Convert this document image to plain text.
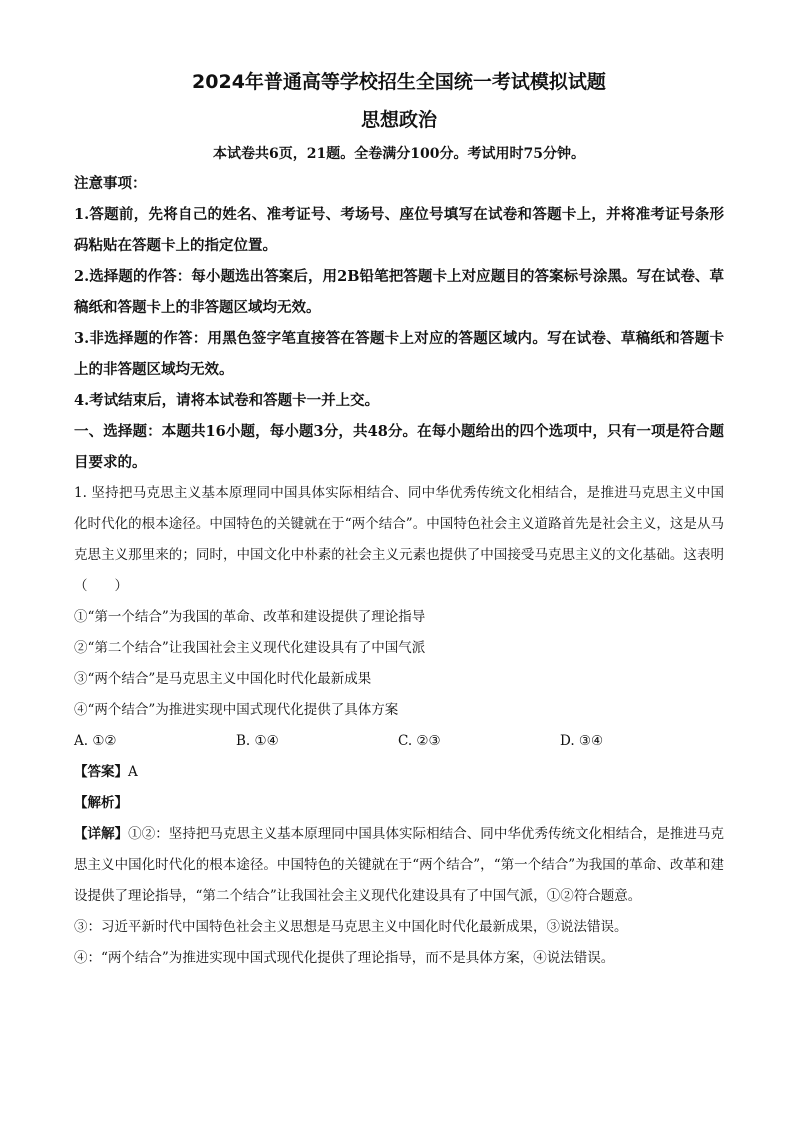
2024年普通高等学校招生全国统一考试模拟试题
思想政治

本试卷共6页，21题。全卷满分100分。考试用时75分钟。

注意事项：

1.答题前，先将自己的姓名、准考证号、考场号、座位号填写在试卷和答题卡上，并将准考证号条形码粘贴在答题卡上的指定位置。

2.选择题的作答：每小题选出答案后，用2B铅笔把答题卡上对应题目的答案标号涂黑。写在试卷、草稿纸和答题卡上的非答题区域均无效。

3.非选择题的作答：用黑色签字笔直接答在答题卡上对应的答题区域内。写在试卷、草稿纸和答题卡上的非答题区域均无效。

4.考试结束后，请将本试卷和答题卡一并上交。

一、选择题：本题共16小题，每小题3分，共48分。在每小题给出的四个选项中，只有一项是符合题目要求的。

1. 坚持把马克思主义基本原理同中国具体实际相结合、同中华优秀传统文化相结合，是推进马克思主义中国化时代化的根本途径。中国特色的关键就在于“两个结合”。中国特色社会主义道路首先是社会主义，这是从马克思主义那里来的；同时，中国文化中朴素的社会主义元素也提供了中国接受马克思主义的文化基础。这表明（　　）

①“第一个结合”为我国的革命、改革和建设提供了理论指导

②“第二个结合”让我国社会主义现代化建设具有了中国气派

③“两个结合”是马克思主义中国化时代化最新成果

④“两个结合”为推进实现中国式现代化提供了具体方案

A. ①②	B. ①④	C. ②③	D. ③④

【答案】A

【解析】

【详解】①②：坚持把马克思主义基本原理同中国具体实际相结合、同中华优秀传统文化相结合，是推进马克思主义中国化时代化的根本途径。中国特色的关键就在于“两个结合”，“第一个结合”为我国的革命、改革和建设提供了理论指导，“第二个结合”让我国社会主义现代化建设具有了中国气派，①②符合题意。

③：习近平新时代中国特色社会主义思想是马克思主义中国化时代化最新成果，③说法错误。

④：“两个结合”为推进实现中国式现代化提供了理论指导，而不是具体方案，④说法错误。
